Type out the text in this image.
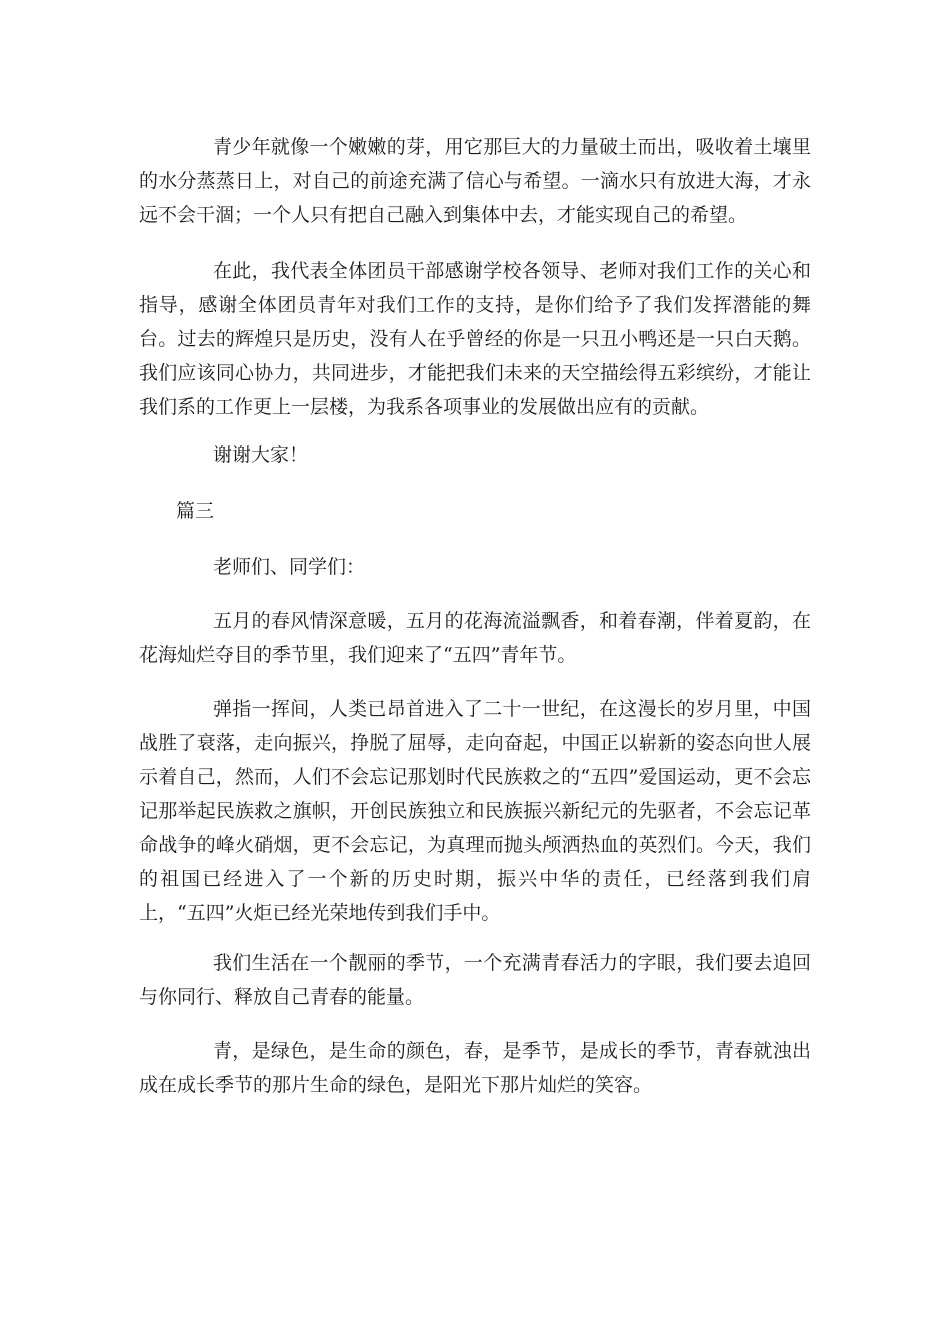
青少年就像一个嫩嫩的芽，用它那巨大的力量破土而出，吸收着土壤里的水分蒸蒸日上，对自己的前途充满了信心与希望。一滴水只有放进大海，才永远不会干涸；一个人只有把自己融入到集体中去，才能实现自己的希望。

在此，我代表全体团员干部感谢学校各领导、老师对我们工作的关心和指导，感谢全体团员青年对我们工作的支持，是你们给予了我们发挥潜能的舞台。过去的辉煌只是历史，没有人在乎曾经的你是一只丑小鸭还是一只白天鹅。我们应该同心协力，共同进步，才能把我们未来的天空描绘得五彩缤纷，才能让我们系的工作更上一层楼，为我系各项事业的发展做出应有的贡献。

谢谢大家！

篇三

老师们、同学们：

五月的春风情深意暖，五月的花海流溢飘香，和着春潮，伴着夏韵，在花海灿烂夺目的季节里，我们迎来了“五四”青年节。

弹指一挥间，人类已昂首进入了二十一世纪，在这漫长的岁月里，中国战胜了衰落，走向振兴，挣脱了屈辱，走向奋起，中国正以崭新的姿态向世人展示着自己，然而，人们不会忘记那划时代民族救之的“五四”爱国运动，更不会忘记那举起民族救之旗帜，开创民族独立和民族振兴新纪元的先驱者，不会忘记革命战争的峰火硝烟，更不会忘记，为真理而抛头颅洒热血的英烈们。今天，我们的祖国已经进入了一个新的历史时期，振兴中华的责任，已经落到我们肩上，“五四”火炬已经光荣地传到我们手中。

我们生活在一个靓丽的季节，一个充满青春活力的字眼，我们要去追回与你同行、释放自己青春的能量。

青，是绿色，是生命的颜色，春，是季节，是成长的季节，青春就浊出成在成长季节的那片生命的绿色，是阳光下那片灿烂的笑容。
